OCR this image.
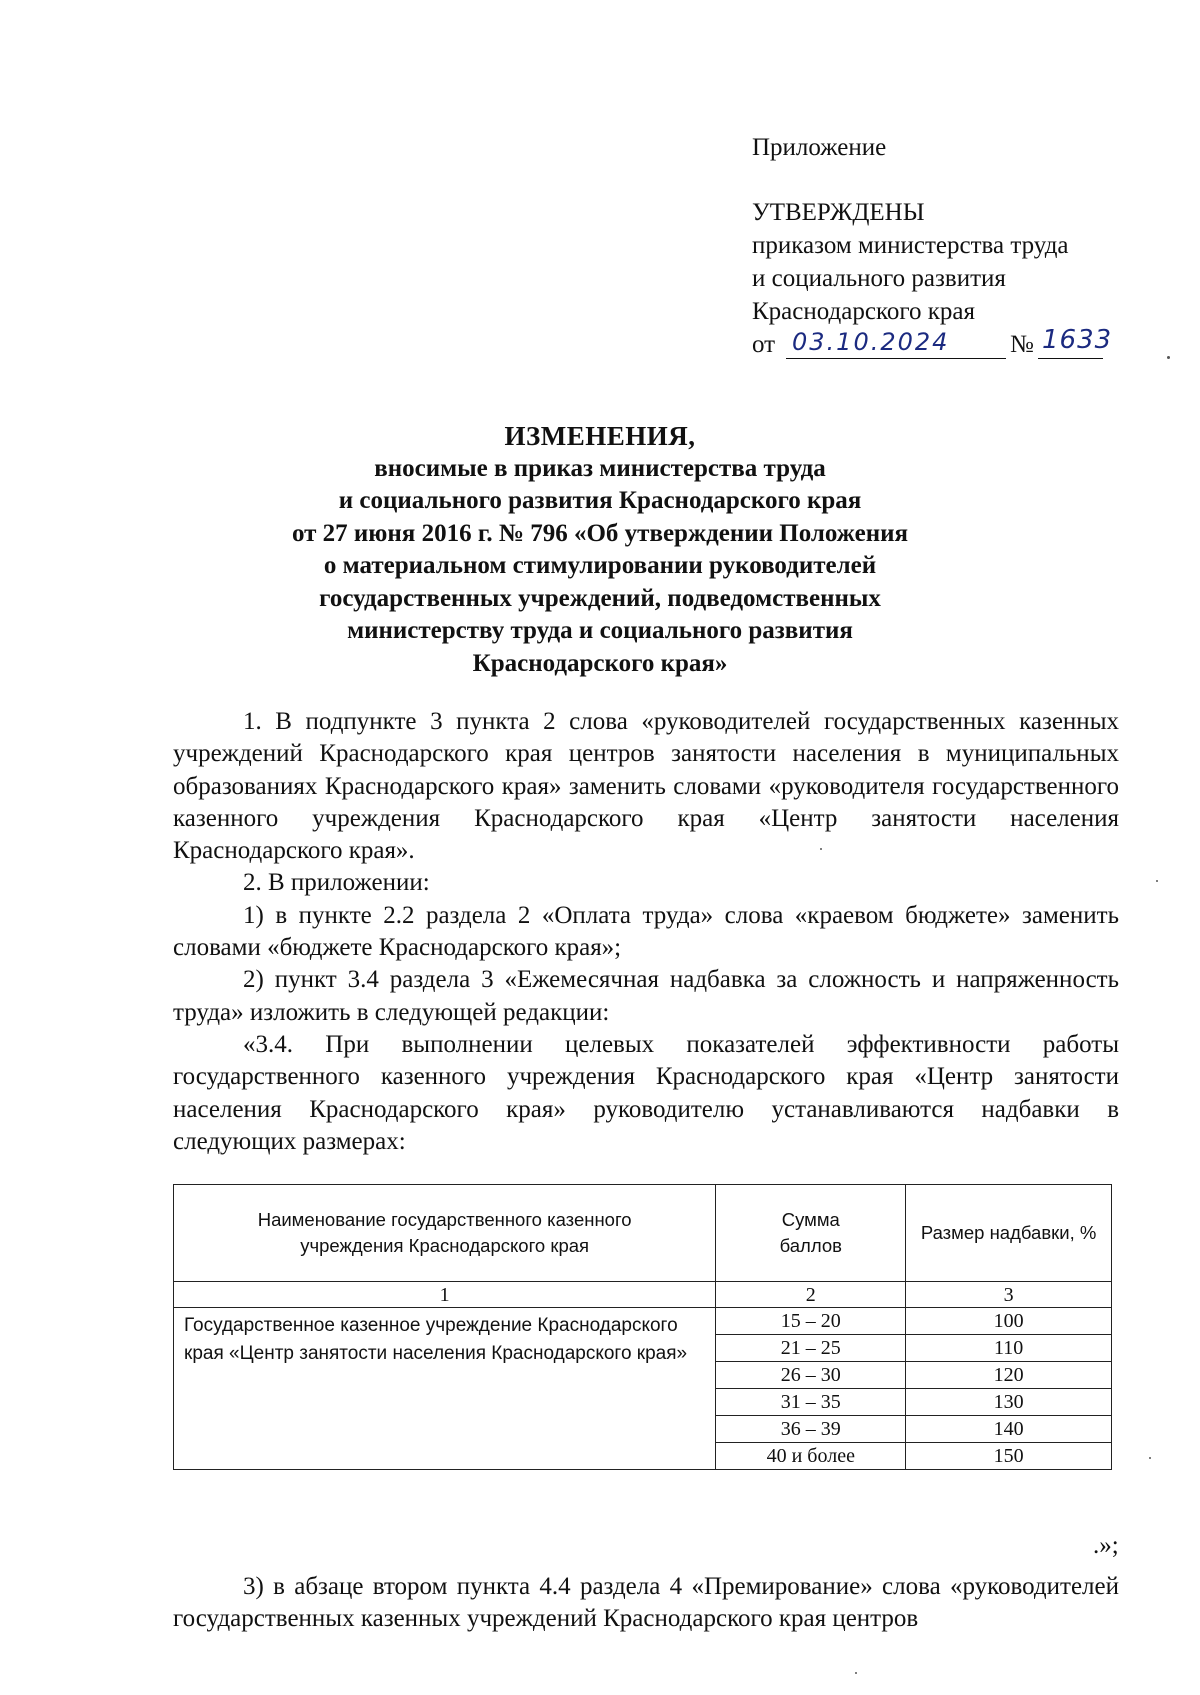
Приложение
УТВЕРЖДЕНЫ
приказом министерства труда
и социального развития
Краснодарского края
от 03.10.2024 № 1633
ИЗМЕНЕНИЯ,
вносимые в приказ министерства труда
и социального развития Краснодарского края
от 27 июня 2016 г. № 796 «Об утверждении Положения
о материальном стимулировании руководителей
государственных учреждений, подведомственных
министерству труда и социального развития
Краснодарского края»

1. В подпункте 3 пункта 2 слова «руководителей государственных казенных учреждений Краснодарского края центров занятости населения в муниципальных образованиях Краснодарского края» заменить словами «руководителя государственного казенного учреждения Краснодарского края «Центр занятости населения Краснодарского края».

2. В приложении:

1) в пункте 2.2 раздела 2 «Оплата труда» слова «краевом бюджете» заменить словами «бюджете Краснодарского края»;

2) пункт 3.4 раздела 3 «Ежемесячная надбавка за сложность и напряженность труда» изложить в следующей редакции:

«3.4. При выполнении целевых показателей эффективности работы государственного казенного учреждения Краснодарского края «Центр занятости населения Краснодарского края» руководителю устанавливаются надбавки в следующих размерах:

Наименование государственного казенного учреждения Краснодарского края	Сумма баллов	Размер надбавки, %
1	2	3
Государственное казенное учреждение Краснодарского края «Центр занятости населения Краснодарского края»	15 – 20	100
	21 – 25	110
	26 – 30	120
	31 – 35	130
	36 – 39	140
	40 и более	150
.»;

3) в абзаце втором пункта 4.4 раздела 4 «Премирование» слова «руководителей государственных казенных учреждений Краснодарского края центров
